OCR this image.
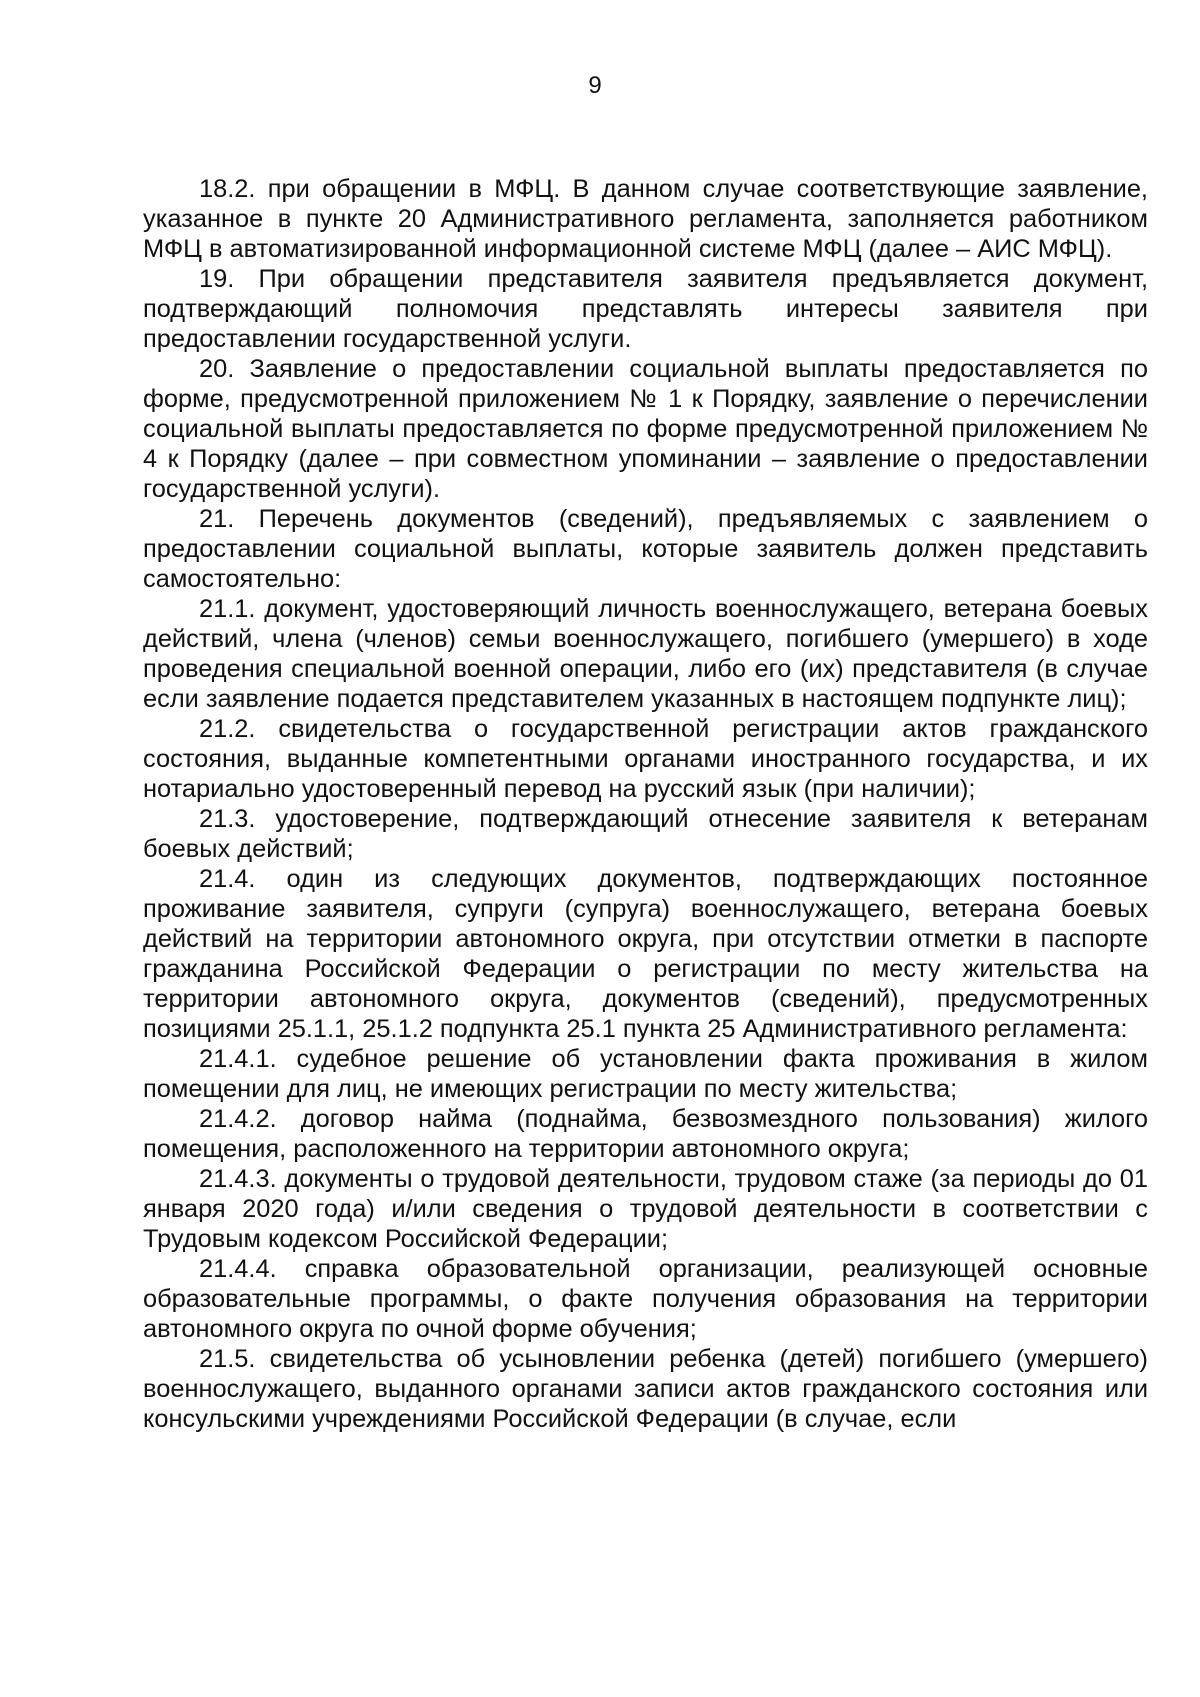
9

18.2. при обращении в МФЦ. В данном случае соответствующие заявление, указанное в пункте 20 Административного регламента, заполняется работником МФЦ в автоматизированной информационной системе МФЦ (далее – АИС МФЦ).

19. При обращении представителя заявителя предъявляется документ, подтверждающий полномочия представлять интересы заявителя при предоставлении государственной услуги.

20. Заявление о предоставлении социальной выплаты предоставляется по форме, предусмотренной приложением № 1 к Порядку, заявление о перечислении социальной выплаты предоставляется по форме предусмотренной приложением № 4 к Порядку (далее – при совместном упоминании – заявление о предоставлении государственной услуги).

21. Перечень документов (сведений), предъявляемых с заявлением о предоставлении социальной выплаты, которые заявитель должен представить самостоятельно:

21.1. документ, удостоверяющий личность военнослужащего, ветерана боевых действий, члена (членов) семьи военнослужащего, погибшего (умершего) в ходе проведения специальной военной операции, либо его (их) представителя (в случае если заявление подается представителем указанных в настоящем подпункте лиц);

21.2. свидетельства о государственной регистрации актов гражданского состояния, выданные компетентными органами иностранного государства, и их нотариально удостоверенный перевод на русский язык (при наличии);

21.3. удостоверение, подтверждающий отнесение заявителя к ветеранам боевых действий;

21.4. один из следующих документов, подтверждающих постоянное проживание заявителя, супруги (супруга) военнослужащего, ветерана боевых действий на территории автономного округа, при отсутствии отметки в паспорте гражданина Российской Федерации о регистрации по месту жительства на территории автономного округа, документов (сведений), предусмотренных позициями 25.1.1, 25.1.2 подпункта 25.1 пункта 25 Административного регламента:

21.4.1. судебное решение об установлении факта проживания в жилом помещении для лиц, не имеющих регистрации по месту жительства;

21.4.2. договор найма (поднайма, безвозмездного пользования) жилого помещения, расположенного на территории автономного округа;

21.4.3. документы о трудовой деятельности, трудовом стаже (за периоды до 01 января 2020 года) и/или сведения о трудовой деятельности в соответствии с Трудовым кодексом Российской Федерации;

21.4.4. справка образовательной организации, реализующей основные образовательные программы, о факте получения образования на территории автономного округа по очной форме обучения;

21.5. свидетельства об усыновлении ребенка (детей) погибшего (умершего) военнослужащего, выданного органами записи актов гражданского состояния или консульскими учреждениями Российской Федерации (в случае, если
